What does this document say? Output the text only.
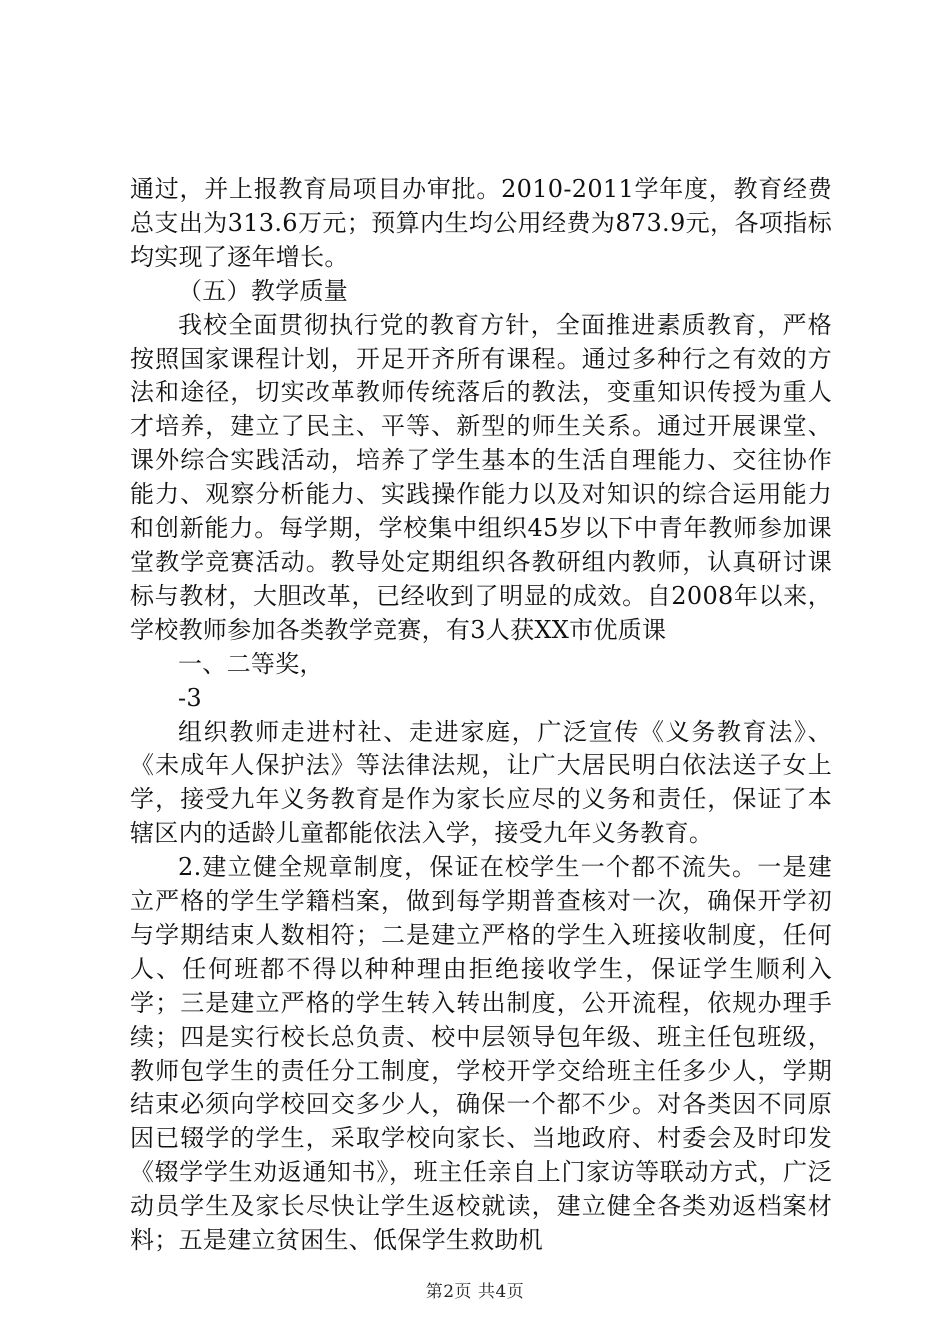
通过，并上报教育局项目办审批。2010-2011学年度，教育经费总支出为313.6万元；预算内生均公用经费为873.9元，各项指标均实现了逐年增长。

（五）教学质量

我校全面贯彻执行党的教育方针，全面推进素质教育，严格按照国家课程计划，开足开齐所有课程。通过多种行之有效的方法和途径，切实改革教师传统落后的教法，变重知识传授为重人才培养，建立了民主、平等、新型的师生关系。通过开展课堂、课外综合实践活动，培养了学生基本的生活自理能力、交往协作能力、观察分析能力、实践操作能力以及对知识的综合运用能力和创新能力。每学期，学校集中组织45岁以下中青年教师参加课堂教学竞赛活动。教导处定期组织各教研组内教师，认真研讨课标与教材，大胆改革，已经收到了明显的成效。自2008年以来，学校教师参加各类教学竞赛，有3人获XX市优质课

一、二等奖，

-3

组织教师走进村社、走进家庭，广泛宣传《义务教育法》、《未成年人保护法》等法律法规，让广大居民明白依法送子女上学，接受九年义务教育是作为家长应尽的义务和责任，保证了本辖区内的适龄儿童都能依法入学，接受九年义务教育。

2.建立健全规章制度，保证在校学生一个都不流失。一是建立严格的学生学籍档案，做到每学期普查核对一次，确保开学初与学期结束人数相符；二是建立严格的学生入班接收制度，任何人、任何班都不得以种种理由拒绝接收学生，保证学生顺利入学；三是建立严格的学生转入转出制度，公开流程，依规办理手续；四是实行校长总负责、校中层领导包年级、班主任包班级，教师包学生的责任分工制度，学校开学交给班主任多少人，学期结束必须向学校回交多少人，确保一个都不少。对各类因不同原因已辍学的学生，采取学校向家长、当地政府、村委会及时印发《辍学学生劝返通知书》，班主任亲自上门家访等联动方式，广泛动员学生及家长尽快让学生返校就读，建立健全各类劝返档案材料；五是建立贫困生、低保学生救助机

第2页 共4页
